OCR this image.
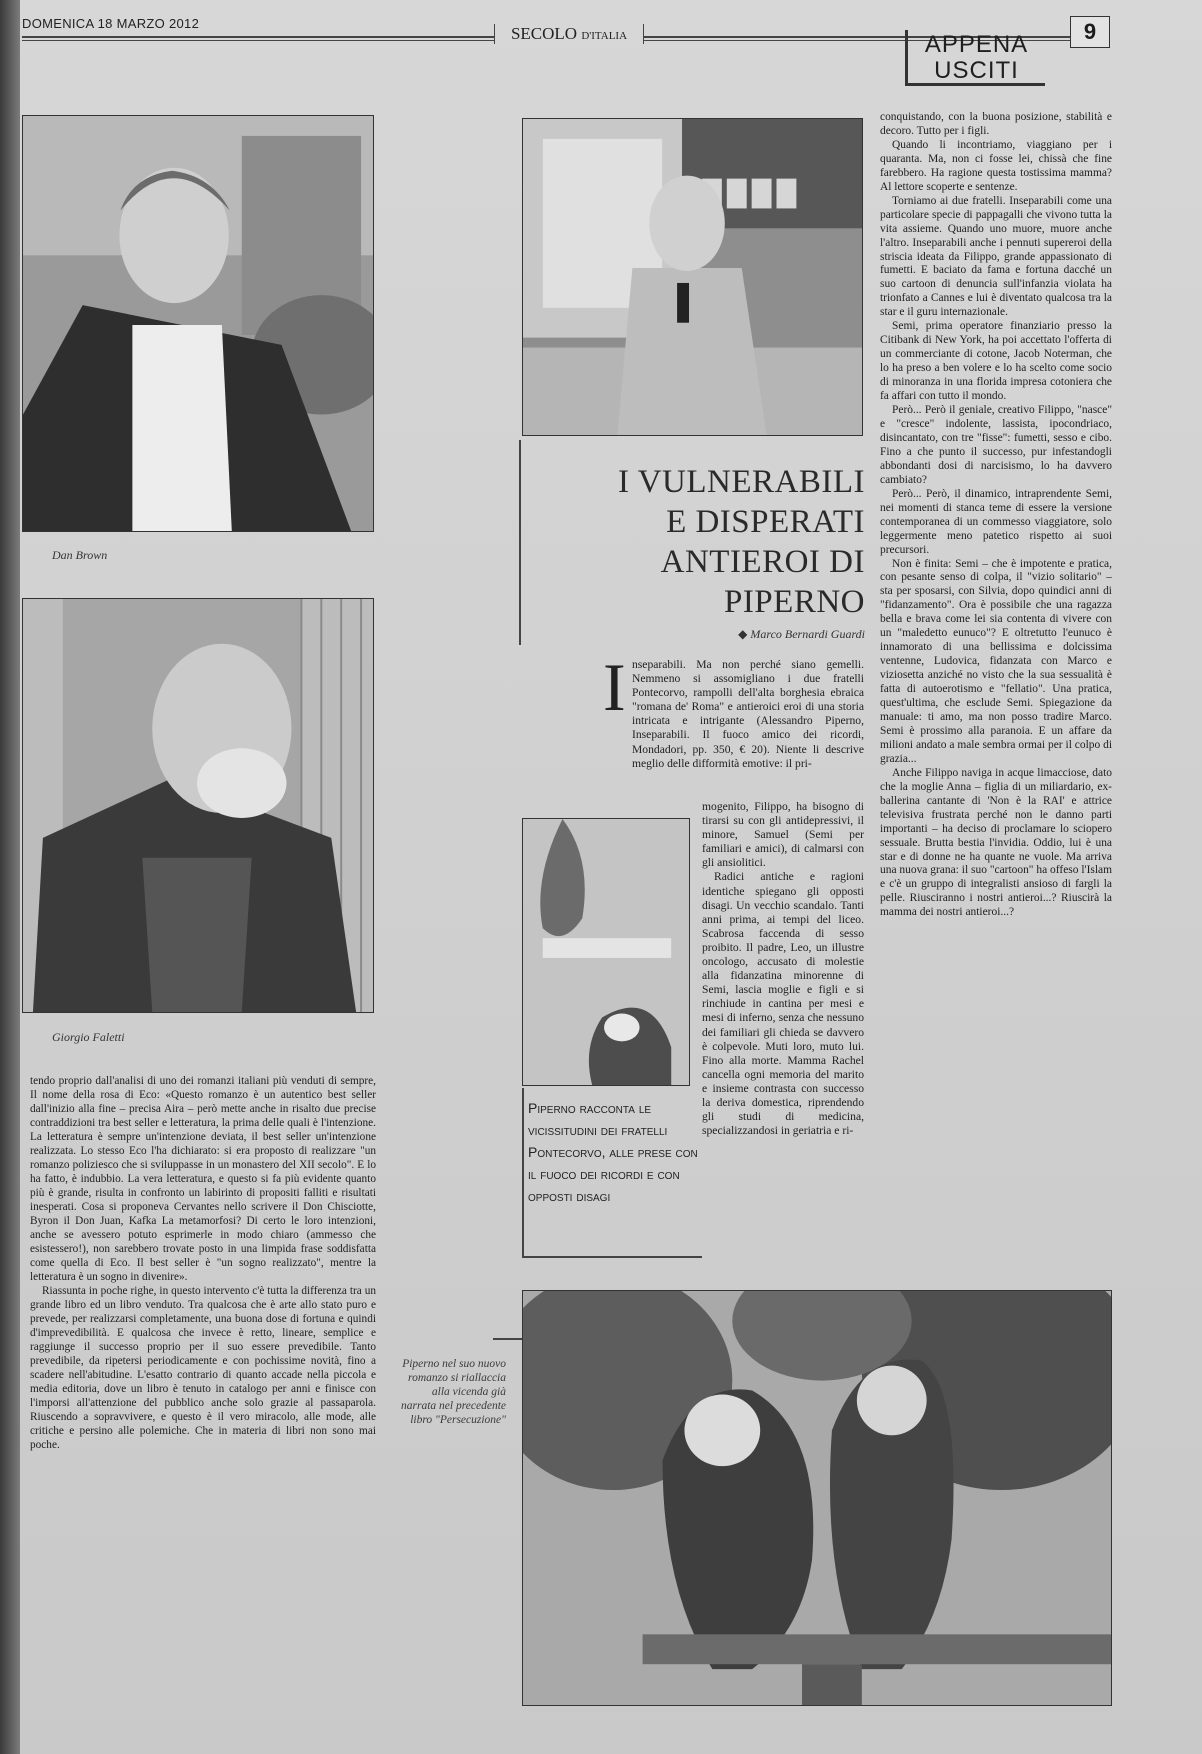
DOMENICA 18 MARZO 2012
SECOLO D'ITALIA	9
APPENA
USCITI
Dan Brown
Giorgio Faletti
I VULNERABILI
E DISPERATI
ANTIEROI DI PIPERNO
◆ Marco Bernardi Guardi
I nseparabili. Ma non perché siano gemelli. Nemmeno si assomigliano i due fratelli Pontecorvo, rampolli dell'alta borghesia ebraica "romana de' Roma" e antieroici eroi di una storia intricata e intrigante (Alessandro Piperno, Inseparabili. Il fuoco amico dei ricordi, Mondadori, pp. 350, € 20). Niente li descrive meglio delle difformità emotive: il pri-

mogenito, Filippo, ha bisogno di tirarsi su con gli antidepressivi, il minore, Samuel (Semi per familiari e amici), di calmarsi con gli ansiolitici.

Radici antiche e ragioni identiche spiegano gli opposti disagi. Un vecchio scandalo. Tanti anni prima, ai tempi del liceo. Scabrosa faccenda di sesso proibito. Il padre, Leo, un illustre oncologo, accusato di molestie alla fidanzatina minorenne di Semi, lascia moglie e figli e si rinchiude in cantina per mesi e mesi di inferno, senza che nessuno dei familiari gli chieda se davvero è colpevole. Muti loro, muto lui. Fino alla morte. Mamma Rachel cancella ogni memoria del marito e insieme contrasta con successo la deriva domestica, riprendendo gli studi di medicina, specializzandosi in geriatria e ri-

Piperno racconta le vicissitudini dei fratelli Pontecorvo, alle prese con il fuoco dei ricordi e con opposti disagi

conquistando, con la buona posizione, stabilità e decoro. Tutto per i figli.

Quando li incontriamo, viaggiano per i quaranta. Ma, non ci fosse lei, chissà che fine farebbero. Ha ragione questa tostissima mamma? Al lettore scoperte e sentenze.

Torniamo ai due fratelli. Inseparabili come una particolare specie di pappagalli che vivono tutta la vita assieme. Quando uno muore, muore anche l'altro. Inseparabili anche i pennuti supereroi della striscia ideata da Filippo, grande appassionato di fumetti. E baciato da fama e fortuna dacché un suo cartoon di denuncia sull'infanzia violata ha trionfato a Cannes e lui è diventato qualcosa tra la star e il guru internazionale.

Semi, prima operatore finanziario presso la Citibank di New York, ha poi accettato l'offerta di un commerciante di cotone, Jacob Noterman, che lo ha preso a ben volere e lo ha scelto come socio di minoranza in una florida impresa cotoniera che fa affari con tutto il mondo.

Però... Però il geniale, creativo Filippo, "nasce" e "cresce" indolente, lassista, ipocondriaco, disincantato, con tre "fisse": fumetti, sesso e cibo. Fino a che punto il successo, pur infestandogli abbondanti dosi di narcisismo, lo ha davvero cambiato?

Però... Però, il dinamico, intraprendente Semi, nei momenti di stanca teme di essere la versione contemporanea di un commesso viaggiatore, solo leggermente meno patetico rispetto ai suoi precursori.

Non è finita: Semi – che è impotente e pratica, con pesante senso di colpa, il "vizio solitario" – sta per sposarsi, con Silvia, dopo quindici anni di "fidanzamento". Ora è possibile che una ragazza bella e brava come lei sia contenta di vivere con un "maledetto eunuco"? E oltretutto l'eunuco è innamorato di una bellissima e dolcissima ventenne, Ludovica, fidanzata con Marco e viziosetta anziché no visto che la sua sessualità è fatta di autoerotismo e "fellatio". Una pratica, quest'ultima, che esclude Semi. Spiegazione da manuale: ti amo, ma non posso tradire Marco. Semi è prossimo alla paranoia. E un affare da milioni andato a male sembra ormai per il colpo di grazia...

Anche Filippo naviga in acque limacciose, dato che la moglie Anna – figlia di un miliardario, ex-ballerina cantante di 'Non è la RAI' e attrice televisiva frustrata perché non le danno parti importanti – ha deciso di proclamare lo sciopero sessuale. Brutta bestia l'invidia. Oddio, lui è una star e di donne ne ha quante ne vuole. Ma arriva una nuova grana: il suo "cartoon" ha offeso l'Islam e c'è un gruppo di integralisti ansioso di fargli la pelle. Riusciranno i nostri antieroi...? Riuscirà la mamma dei nostri antieroi...?

tendo proprio dall'analisi di uno dei romanzi italiani più venduti di sempre, Il nome della rosa di Eco: «Questo romanzo è un autentico best seller dall'inizio alla fine – precisa Aira – però mette anche in risalto due precise contraddizioni tra best seller e letteratura, la prima delle quali è l'intenzione. La letteratura è sempre un'intenzione deviata, il best seller un'intenzione realizzata. Lo stesso Eco l'ha dichiarato: si era proposto di realizzare "un romanzo poliziesco che si sviluppasse in un monastero del XII secolo". E lo ha fatto, è indubbio. La vera letteratura, e questo si fa più evidente quanto più è grande, risulta in confronto un labirinto di propositi falliti e risultati inesperati. Cosa si proponeva Cervantes nello scrivere il Don Chisciotte, Byron il Don Juan, Kafka La metamorfosi? Di certo le loro intenzioni, anche se avessero potuto esprimerle in modo chiaro (ammesso che esistessero!), non sarebbero trovate posto in una limpida frase soddisfatta come quella di Eco. Il best seller è "un sogno realizzato", mentre la letteratura è un sogno in divenire».

Riassunta in poche righe, in questo intervento c'è tutta la differenza tra un grande libro ed un libro venduto. Tra qualcosa che è arte allo stato puro e prevede, per realizzarsi completamente, una buona dose di fortuna e quindi d'imprevedibilità. E qualcosa che invece è retto, lineare, semplice e raggiunge il successo proprio per il suo essere prevedibile. Tanto prevedibile, da ripetersi periodicamente e con pochissime novità, fino a scadere nell'abitudine. L'esatto contrario di quanto accade nella piccola e media editoria, dove un libro è tenuto in catalogo per anni e finisce con l'imporsi all'attenzione del pubblico anche solo grazie al passaparola. Riuscendo a sopravvivere, e questo è il vero miracolo, alle mode, alle critiche e persino alle polemiche. Che in materia di libri non sono mai poche.

Piperno nel suo nuovo romanzo si riallaccia alla vicenda già narrata nel precedente libro "Persecuzione"
